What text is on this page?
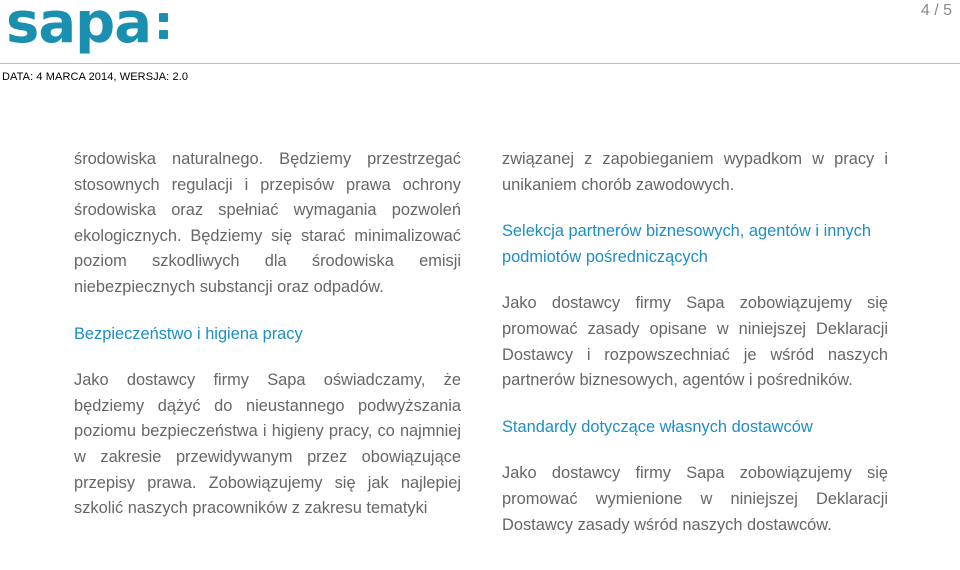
sapa	4 / 5
DATA: 4 MARCA 2014, WERSJA: 2.0

środowiska naturalnego. Będziemy przestrzegać stosownych regulacji i przepisów prawa ochrony środowiska oraz spełniać wymagania pozwoleń ekologicznych. Będziemy się starać minimalizować poziom szkodliwych dla środowiska emisji niebezpiecznych substancji oraz odpadów.

Bezpieczeństwo i higiena pracy

Jako dostawcy firmy Sapa oświadczamy, że będziemy dążyć do nieustannego podwyższania poziomu bezpieczeństwa i higieny pracy, co najmniej w zakresie przewidywanym przez obowiązujące przepisy prawa. Zobowiązujemy się jak najlepiej szkolić naszych pracowników z zakresu tematyki

związanej z zapobieganiem wypadkom w pracy i unikaniem chorób zawodowych.

Selekcja partnerów biznesowych, agentów i innych podmiotów pośredniczących

Jako dostawcy firmy Sapa zobowiązujemy się promować zasady opisane w niniejszej Deklaracji Dostawcy i rozpowszechniać je wśród naszych partnerów biznesowych, agentów i pośredników.

Standardy dotyczące własnych dostawców

Jako dostawcy firmy Sapa zobowiązujemy się promować wymienione w niniejszej Deklaracji Dostawcy zasady wśród naszych dostawców.
